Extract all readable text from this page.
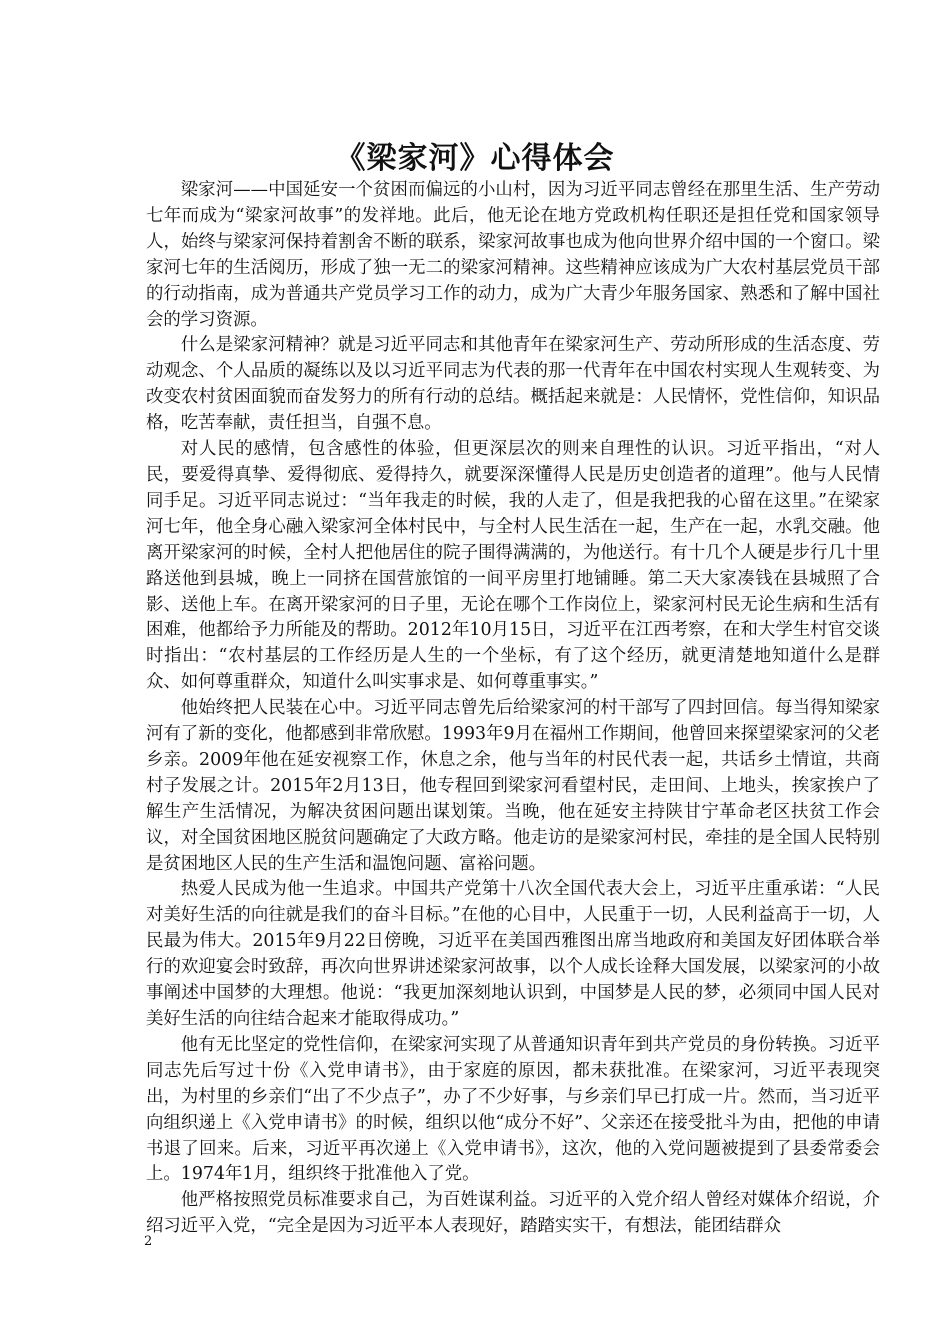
《梁家河》心得体会

梁家河——中国延安一个贫困而偏远的小山村，因为习近平同志曾经在那里生活、生产劳动七年而成为“梁家河故事”的发祥地。此后，他无论在地方党政机构任职还是担任党和国家领导人，始终与梁家河保持着割舍不断的联系，梁家河故事也成为他向世界介绍中国的一个窗口。梁家河七年的生活阅历，形成了独一无二的梁家河精神。这些精神应该成为广大农村基层党员干部的行动指南，成为普通共产党员学习工作的动力，成为广大青少年服务国家、熟悉和了解中国社会的学习资源。

什么是梁家河精神？就是习近平同志和其他青年在梁家河生产、劳动所形成的生活态度、劳动观念、个人品质的凝练以及以习近平同志为代表的那一代青年在中国农村实现人生观转变、为改变农村贫困面貌而奋发努力的所有行动的总结。概括起来就是：人民情怀，党性信仰，知识品格，吃苦奉献，责任担当，自强不息。

对人民的感情，包含感性的体验，但更深层次的则来自理性的认识。习近平指出，“对人民，要爱得真挚、爱得彻底、爱得持久，就要深深懂得人民是历史创造者的道理”。他与人民情同手足。习近平同志说过：“当年我走的时候，我的人走了，但是我把我的心留在这里。”在梁家河七年，他全身心融入梁家河全体村民中，与全村人民生活在一起，生产在一起，水乳交融。他离开梁家河的时候，全村人把他居住的院子围得满满的，为他送行。有十几个人硬是步行几十里路送他到县城，晚上一同挤在国营旅馆的一间平房里打地铺睡。第二天大家凑钱在县城照了合影、送他上车。在离开梁家河的日子里，无论在哪个工作岗位上，梁家河村民无论生病和生活有困难，他都给予力所能及的帮助。2012年10月15日，习近平在江西考察，在和大学生村官交谈时指出：“农村基层的工作经历是人生的一个坐标，有了这个经历，就更清楚地知道什么是群众、如何尊重群众，知道什么叫实事求是、如何尊重事实。”

他始终把人民装在心中。习近平同志曾先后给梁家河的村干部写了四封回信。每当得知梁家河有了新的变化，他都感到非常欣慰。1993年9月在福州工作期间，他曾回来探望梁家河的父老乡亲。2009年他在延安视察工作，休息之余，他与当年的村民代表一起，共话乡土情谊，共商村子发展之计。2015年2月13日，他专程回到梁家河看望村民，走田间、上地头，挨家挨户了解生产生活情况，为解决贫困问题出谋划策。当晚，他在延安主持陕甘宁革命老区扶贫工作会议，对全国贫困地区脱贫问题确定了大政方略。他走访的是梁家河村民，牵挂的是全国人民特别是贫困地区人民的生产生活和温饱问题、富裕问题。

热爱人民成为他一生追求。中国共产党第十八次全国代表大会上，习近平庄重承诺：“人民对美好生活的向往就是我们的奋斗目标。”在他的心目中，人民重于一切，人民利益高于一切，人民最为伟大。2015年9月22日傍晚，习近平在美国西雅图出席当地政府和美国友好团体联合举行的欢迎宴会时致辞，再次向世界讲述梁家河故事，以个人成长诠释大国发展，以梁家河的小故事阐述中国梦的大理想。他说：“我更加深刻地认识到，中国梦是人民的梦，必须同中国人民对美好生活的向往结合起来才能取得成功。”

他有无比坚定的党性信仰，在梁家河实现了从普通知识青年到共产党员的身份转换。习近平同志先后写过十份《入党申请书》，由于家庭的原因，都未获批准。在梁家河，习近平表现突出，为村里的乡亲们“出了不少点子”，办了不少好事，与乡亲们早已打成一片。然而，当习近平向组织递上《入党申请书》的时候，组织以他“成分不好”、父亲还在接受批斗为由，把他的申请书退了回来。后来，习近平再次递上《入党申请书》，这次，他的入党问题被提到了县委常委会上。1974年1月，组织终于批准他入了党。

他严格按照党员标准要求自己，为百姓谋利益。习近平的入党介绍人曾经对媒体介绍说，介绍习近平入党，“完全是因为习近平本人表现好，踏踏实实干，有想法，能团结群众

2
